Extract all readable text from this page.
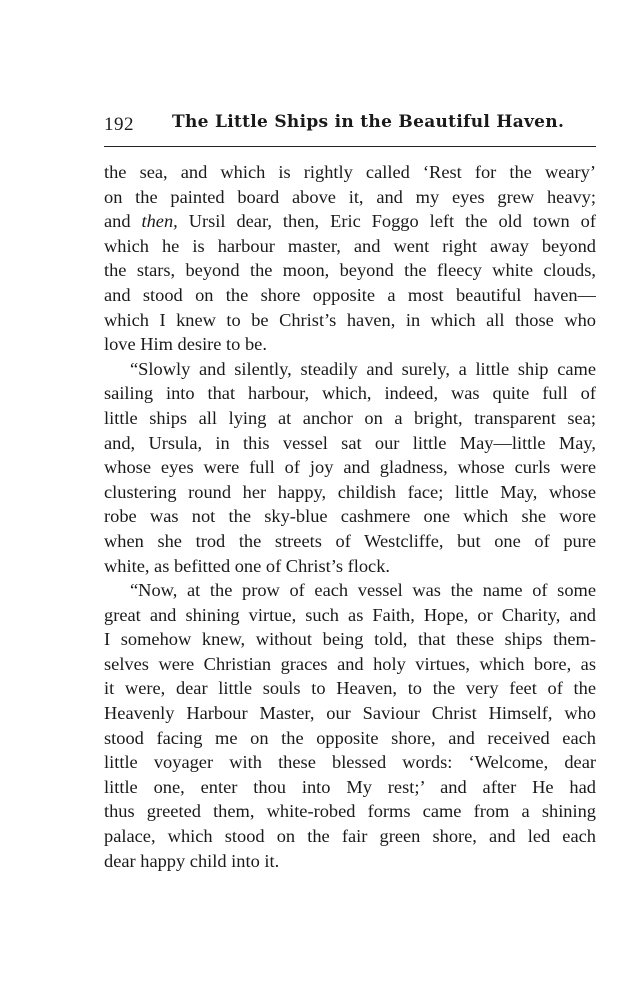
192 The Little Ships in the Beautiful Haven.
the sea, and which is rightly called ‘Rest for the weary’
on the painted board above it, and my eyes grew heavy;
and then, Ursil dear, then, Eric Foggo left the old town of
which he is harbour master, and went right away beyond
the stars, beyond the moon, beyond the fleecy white clouds,
and stood on the shore opposite a most beautiful haven—
which I knew to be Christ’s haven, in which all those who
love Him desire to be.
“Slowly and silently, steadily and surely, a little ship came
sailing into that harbour, which, indeed, was quite full of
little ships all lying at anchor on a bright, transparent sea;
and, Ursula, in this vessel sat our little May—little May,
whose eyes were full of joy and gladness, whose curls were
clustering round her happy, childish face; little May, whose
robe was not the sky-blue cashmere one which she wore
when she trod the streets of Westcliffe, but one of pure
white, as befitted one of Christ’s flock.
“Now, at the prow of each vessel was the name of some
great and shining virtue, such as Faith, Hope, or Charity, and
I somehow knew, without being told, that these ships them-
selves were Christian graces and holy virtues, which bore, as
it were, dear little souls to Heaven, to the very feet of the
Heavenly Harbour Master, our Saviour Christ Himself, who
stood facing me on the opposite shore, and received each
little voyager with these blessed words: ‘Welcome, dear
little one, enter thou into My rest;’ and after He had
thus greeted them, white-robed forms came from a shining
palace, which stood on the fair green shore, and led each
dear happy child into it.
